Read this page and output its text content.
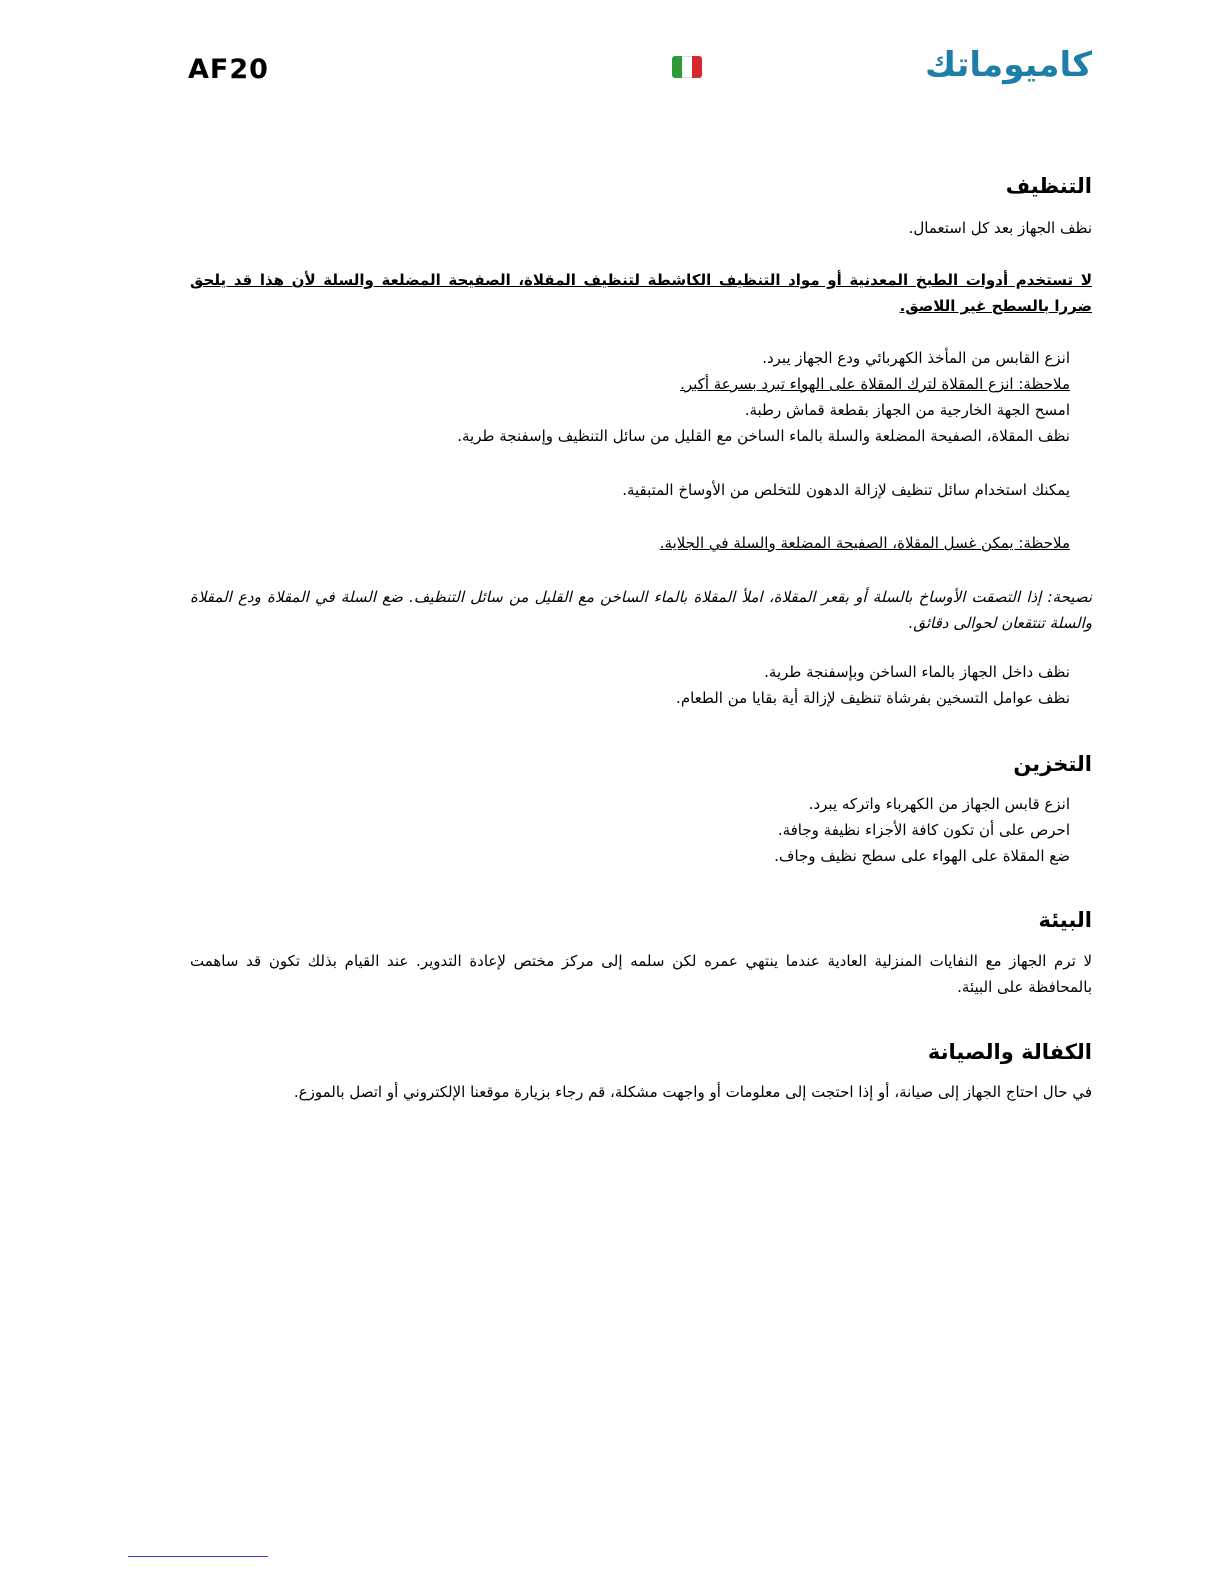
AF20	كاميوماتك
التنظيف

نظف الجهاز بعد كل استعمال.

لا تستخدم أدوات الطبخ المعدنية أو مواد التنظيف الكاشطة لتنظيف المقلاة، الصفيحة المضلعة والسلة لأن هذا قد يلحق ضررا بالسطح غير اللاصق.

انزع القابس من المأخذ الكهربائي ودع الجهاز يبرد.

ملاحظة: انزع المقلاة لترك المقلاة على الهواء تبرد بسرعة أكبر.

امسح الجهة الخارجية من الجهاز بقطعة قماش رطبة.

نظف المقلاة، الصفيحة المضلعة والسلة بالماء الساخن مع القليل من سائل التنظيف وإسفنجة طرية.

يمكنك استخدام سائل تنظيف لإزالة الدهون للتخلص من الأوساخ المتبقية.

ملاحظة: يمكن غسل المقلاة، الصفيحة المضلعة والسلة في الجلاية.

نصيحة: إذا التصقت الأوساخ بالسلة أو بقعر المقلاة، املأ المقلاة بالماء الساخن مع القليل من سائل التنظيف. ضع السلة في المقلاة ودع المقلاة والسلة تنتقعان لحوالى دقائق.

نظف داخل الجهاز بالماء الساخن وبإسفنجة طرية.

نظف عوامل التسخين بفرشاة تنظيف لإزالة أية بقايا من الطعام.

التخزين

انزع قابس الجهاز من الكهرباء واتركه يبرد.

احرص على أن تكون كافة الأجزاء نظيفة وجافة.

ضع المقلاة على الهواء على سطح نظيف وجاف.

البيئة

لا ترم الجهاز مع النفايات المنزلية العادية عندما ينتهي عمره لكن سلمه إلى مركز مختص لإعادة التدوير. عند القيام بذلك تكون قد ساهمت بالمحافظة على البيئة.

الكفالة والصيانة

في حال احتاج الجهاز إلى صيانة، أو إذا احتجت إلى معلومات أو واجهت مشكلة، قم رجاء بزيارة موقعنا الإلكتروني أو اتصل بالموزع.
